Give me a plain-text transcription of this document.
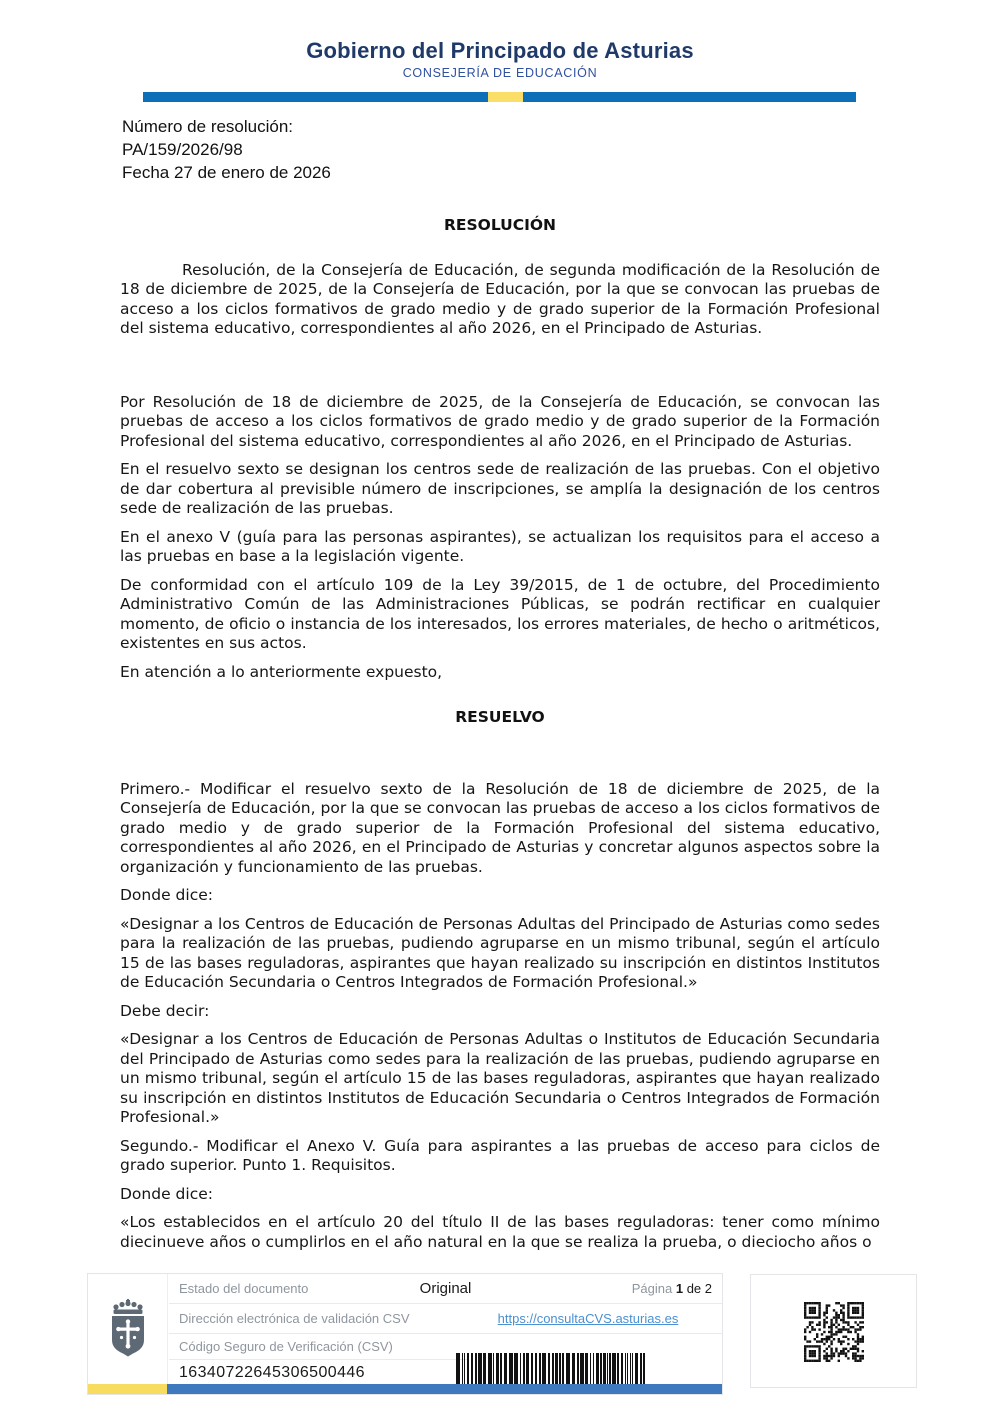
Gobierno del Principado de Asturias
CONSEJERÍA DE EDUCACIÓN
Número de resolución:
PA/159/2026/98
Fecha 27 de enero de 2026
RESOLUCIÓN

Resolución, de la Consejería de Educación, de segunda modificación de la Resolución de 18 de diciembre de 2025, de la Consejería de Educación, por la que se convocan las pruebas de acceso a los ciclos formativos de grado medio y de grado superior de la Formación Profesional del sistema educativo, correspondientes al año 2026, en el Principado de Asturias.

Por Resolución de 18 de diciembre de 2025, de la Consejería de Educación, se convocan las pruebas de acceso a los ciclos formativos de grado medio y de grado superior de la Formación Profesional del sistema educativo, correspondientes al año 2026, en el Principado de Asturias.

En el resuelvo sexto se designan los centros sede de realización de las pruebas. Con el objetivo de dar cobertura al previsible número de inscripciones, se amplía la designación de los centros sede de realización de las pruebas.

En el anexo V (guía para las personas aspirantes), se actualizan los requisitos para el acceso a las pruebas en base a la legislación vigente.

De conformidad con el artículo 109 de la Ley 39/2015, de 1 de octubre, del Procedimiento Administrativo Común de las Administraciones Públicas, se podrán rectificar en cualquier momento, de oficio o instancia de los interesados, los errores materiales, de hecho o aritméticos, existentes en sus actos.

En atención a lo anteriormente expuesto,

RESUELVO

Primero.- Modificar el resuelvo sexto de la Resolución de 18 de diciembre de 2025, de la Consejería de Educación, por la que se convocan las pruebas de acceso a los ciclos formativos de grado medio y de grado superior de la Formación Profesional del sistema educativo, correspondientes al año 2026, en el Principado de Asturias y concretar algunos aspectos sobre la organización y funcionamiento de las pruebas.

Donde dice:

«Designar a los Centros de Educación de Personas Adultas del Principado de Asturias como sedes para la realización de las pruebas, pudiendo agruparse en un mismo tribunal, según el artículo 15 de las bases reguladoras, aspirantes que hayan realizado su inscripción en distintos Institutos de Educación Secundaria o Centros Integrados de Formación Profesional.»

Debe decir:

«Designar a los Centros de Educación de Personas Adultas o Institutos de Educación Secundaria del Principado de Asturias como sedes para la realización de las pruebas, pudiendo agruparse en un mismo tribunal, según el artículo 15 de las bases reguladoras, aspirantes que hayan realizado su inscripción en distintos Institutos de Educación Secundaria o Centros Integrados de Formación Profesional.»

Segundo.- Modificar el Anexo V. Guía para aspirantes a las pruebas de acceso para ciclos de grado superior. Punto 1. Requisitos.

Donde dice:

«Los establecidos en el artículo 20 del título II de las bases reguladoras: tener como mínimo diecinueve años o cumplirlos en el año natural en la que se realiza la prueba, o dieciocho años o

Estado del documento	Original	Página 1 de 2
Dirección electrónica de validación CSV	https://consultaCVS.asturias.es
Código Seguro de Verificación (CSV)
16340722645306500446
